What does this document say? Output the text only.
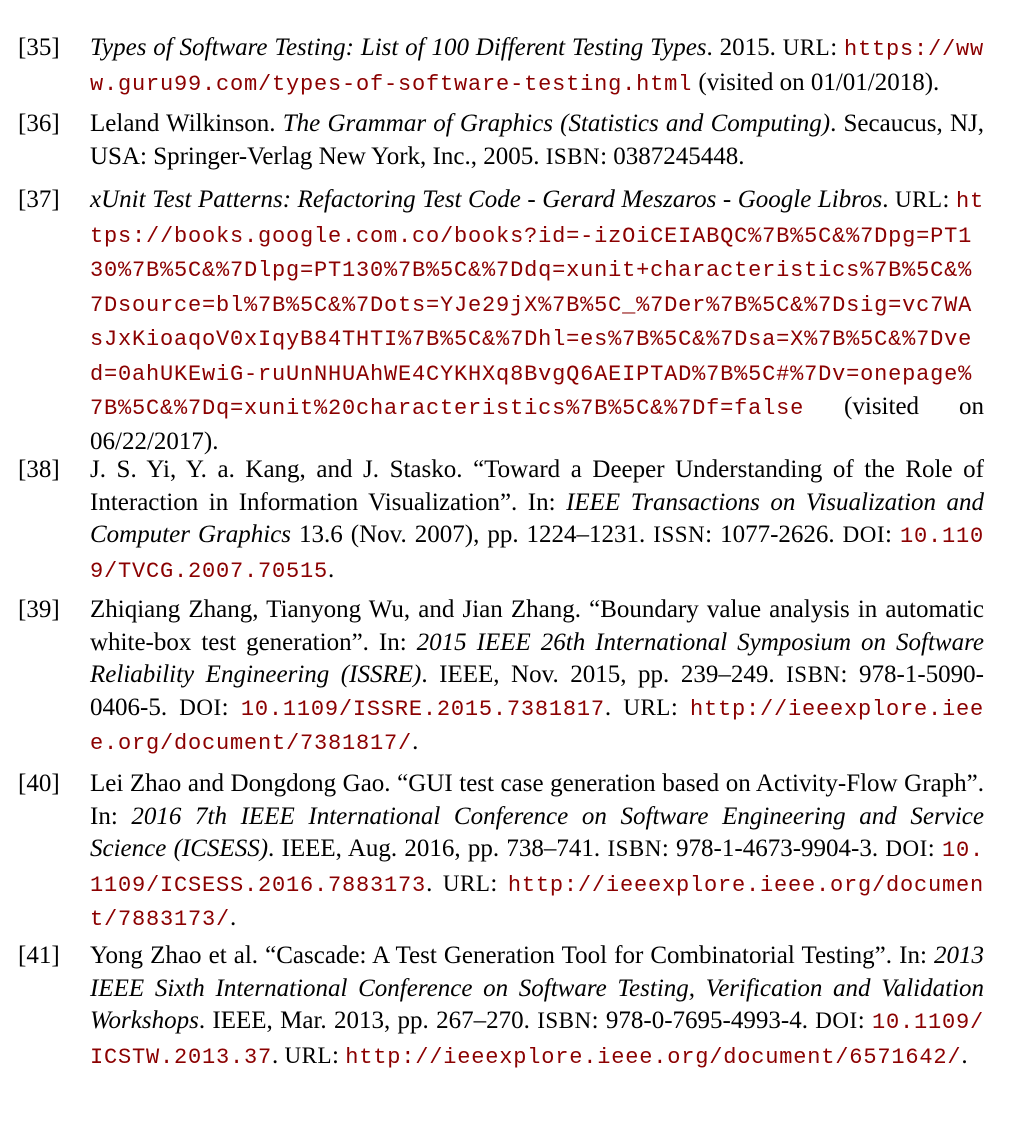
[35]	Types of Software Testing: List of 100 Different Testing Types. 2015. URL: https://www.guru99.com/types-of-software-testing.html (visited on 01/01/2018).
[36]	Leland Wilkinson. The Grammar of Graphics (Statistics and Computing). Secaucus, NJ, USA: Springer-Verlag New York, Inc., 2005. ISBN: 0387245448.
[37]	xUnit Test Patterns: Refactoring Test Code - Gerard Meszaros - Google Libros. URL: https://books.google.com.co/books?id=-izOiCEIABQC%7B%5C&%7Dpg=PT130%7B%5C&%7Dlpg=PT130%7B%5C&%7Ddq=xunit+characteristics%7B%5C&%7Dsource=bl%7B%5C&%7Dots=YJe29jX%7B%5C_%7Der%7B%5C&%7Dsig=vc7WAsJxKioaqoV0xIqyB84THTI%7B%5C&%7Dhl=es%7B%5C&%7Dsa=X%7B%5C&%7Dved=0ahUKEwiG-ruUnNHUAhWE4CYKHXq8BvgQ6AEIPTAD%7B%5C#%7Dv=onepage%7B%5C&%7Dq=xunit%20characteristics%7B%5C&%7Df=false (visited on 06/22/2017).
[38]	J. S. Yi, Y. a. Kang, and J. Stasko. “Toward a Deeper Understanding of the Role of Interaction in Information Visualization”. In: IEEE Transactions on Visualization and Computer Graphics 13.6 (Nov. 2007), pp. 1224–1231. ISSN: 1077-2626. DOI: 10.1109/TVCG.2007.70515.
[39]	Zhiqiang Zhang, Tianyong Wu, and Jian Zhang. “Boundary value analysis in automatic white-box test generation”. In: 2015 IEEE 26th International Symposium on Software Reliability Engineering (ISSRE). IEEE, Nov. 2015, pp. 239–249. ISBN: 978-1-5090-0406-5. DOI: 10.1109/ISSRE.2015.7381817. URL: http://ieeexplore.ieee.org/document/7381817/.
[40]	Lei Zhao and Dongdong Gao. “GUI test case generation based on Activity-Flow Graph”. In: 2016 7th IEEE International Conference on Software Engineering and Service Science (ICSESS). IEEE, Aug. 2016, pp. 738–741. ISBN: 978-1-4673-9904-3. DOI: 10.1109/ICSESS.2016.7883173. URL: http://ieeexplore.ieee.org/document/7883173/.
[41]	Yong Zhao et al. “Cascade: A Test Generation Tool for Combinatorial Testing”. In: 2013 IEEE Sixth International Conference on Software Testing, Verification and Validation Workshops. IEEE, Mar. 2013, pp. 267–270. ISBN: 978-0-7695-4993-4. DOI: 10.1109/ICSTW.2013.37. URL: http://ieeexplore.ieee.org/document/6571642/.
